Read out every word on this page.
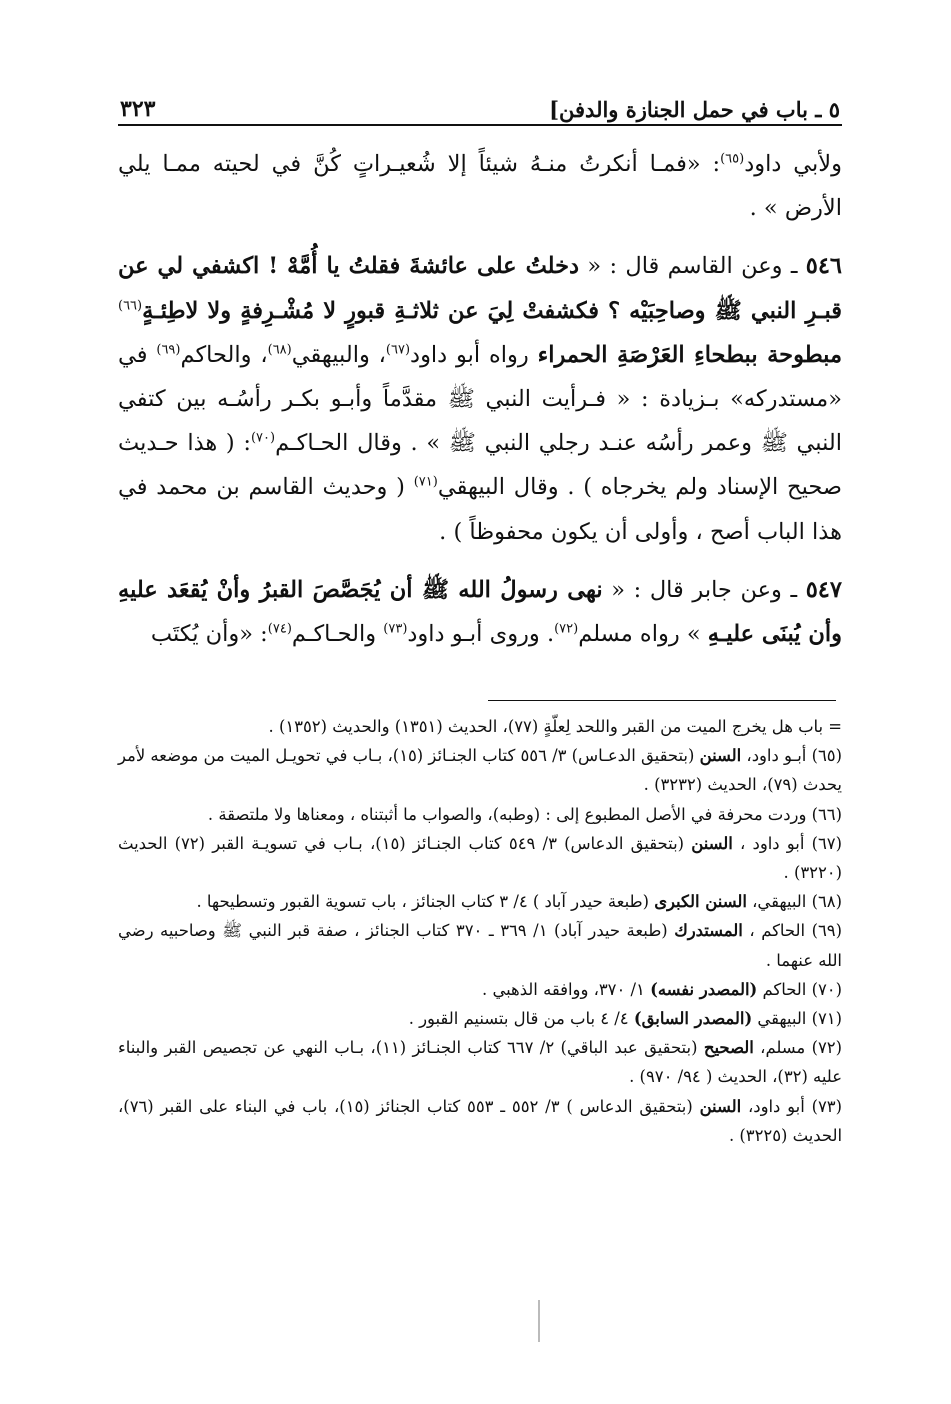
٥ ـ باب في حمل الجنازة والدفن]
٣٢٣

ولأبي داود$^{(٦٥)}$: «فمـا أنكرتُ منـهُ شيئاً إلا شُعيـراتٍ كُنَّ في لحيته ممـا يلي الأرض » .

٥٤٦ ـ وعن القاسم قال : « دخلتُ على عائشةَ فقلتُ يا أُمَّهْ ! اكشفي لي عن قبـرِ النبي ﷺ وصاحِبَيْه ؟ فكشفتْ لِيَ عن ثلاثـةِ قبورٍ لا مُشْـرِفةٍ ولا لاطِئـةٍ$^{(٦٦)}$ مبطوحة ببطحاءِ العَرْصَةِ الحمراء رواه أبو داود$^{(٦٧)}$، والبيهقي$^{(٦٨)}$، والحاكم$^{(٦٩)}$ في «مستدركه» بـزيادة : « فـرأيت النبي ﷺ مقدَّماً وأبـو بكـر رأسُـه بين كتفي النبي ﷺ وعمر رأسُه عنـد رجلي النبي ﷺ » . وقال الحـاكـم$^{(٧٠)}$: ( هذا حـديث صحيح الإسناد ولم يخرجاه ) . وقال البيهقي$^{(٧١)}$ ( وحديث القاسم بن محمد في هذا الباب أصح ، وأولى أن يكون محفوظاً ) .

٥٤٧ ـ وعن جابر قال : « نهى رسولُ الله ﷺ أن يُجَصَّصَ القبرُ وأنْ يُقعَد عليهِ وأن يُبنَى عليـهِ » رواه مسلم$^{(٧٢)}$. وروى أبـو داود$^{(٧٣)}$ والحـاكـم$^{(٧٤)}$: «وأن يُكتَب

= باب هل يخرج الميت من القبر واللحد لِعلّةٍ (٧٧)، الحديث (١٣٥١) والحديث (١٣٥٢) .

(٦٥) أبـو داود، السنن (بتحقيق الدعـاس) ٣/ ٥٥٦ كتاب الجنـائز (١٥)، بـاب في تحويـل الميت من موضعه لأمر يحدث (٧٩)، الحديث (٣٢٣٢) .

(٦٦) وردت محرفة في الأصل المطبوع إلى : (وطبه)، والصواب ما أثبتناه ، ومعناها ولا ملتصقة .

(٦٧) أبو داود ، السنن (بتحقيق الدعاس) ٣/ ٥٤٩ كتاب الجنـائز (١٥)، بـاب في تسويـة القبر (٧٢) الحديث (٣٢٢٠) .

(٦٨) البيهقي، السنن الكبرى (طبعة حيدر آباد ) ٤/ ٣ كتاب الجنائز ، باب تسوية القبور وتسطيحها .

(٦٩) الحاكم ، المستدرك (طبعة حيدر آباد) ١/ ٣٦٩ ـ ٣٧٠ كتاب الجنائز ، صفة قبر النبي ﷺ وصاحبيه رضي الله عنهما .

(٧٠) الحاكم (المصدر نفسه) ١/ ٣٧٠، ووافقه الذهبي .

(٧١) البيهقي (المصدر السابق) ٤/ ٤ باب من قال بتسنيم القبور .

(٧٢) مسلم، الصحيح (بتحقيق عبد الباقي) ٢/ ٦٦٧ كتاب الجنـائز (١١)، بـاب النهي عن تجصيص القبر والبناء عليه (٣٢)، الحديث ( ٩٤/ ٩٧٠) .

(٧٣) أبو داود، السنن (بتحقيق الدعاس ) ٣/ ٥٥٢ ـ ٥٥٣ كتاب الجنائز (١٥)، باب في البناء على القبر (٧٦)، الحديث (٣٢٢٥) .
